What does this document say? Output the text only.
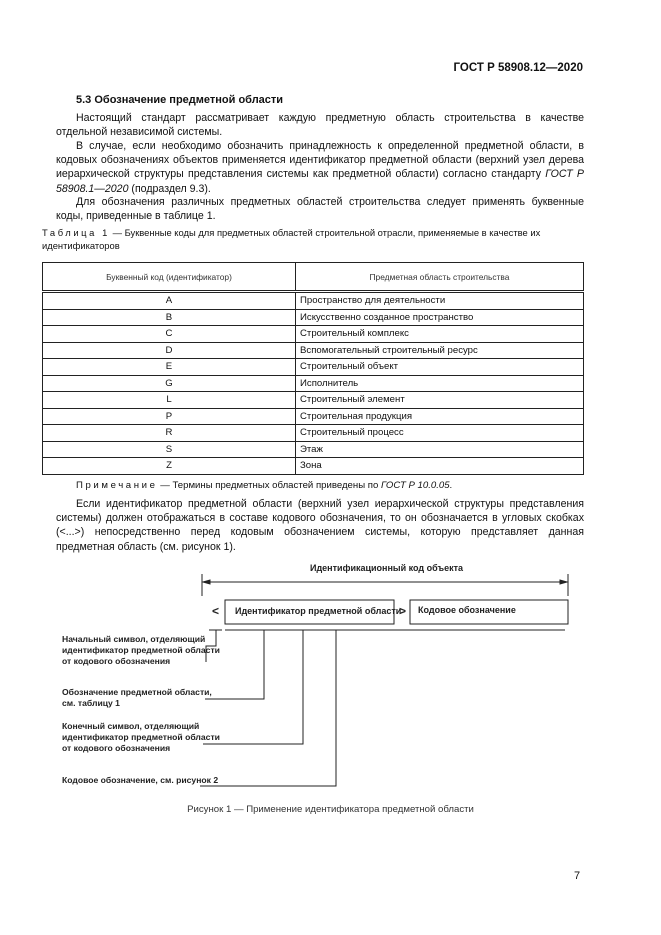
ГОСТ Р 58908.12—2020
5.3 Обозначение предметной области
Настоящий стандарт рассматривает каждую предметную область строительства в качестве отдельной независимой системы.
В случае, если необходимо обозначить принадлежность к определенной предметной области, в кодовых обозначениях объектов применяется идентификатор предметной области (верхний узел дерева иерархической структуры представления системы как предметной области) согласно стандарту ГОСТ Р 58908.1—2020 (подраздел 9.3).
Для обозначения различных предметных областей строительства следует применять буквенные коды, приведенные в таблице 1.
Таблица 1 — Буквенные коды для предметных областей строительной отрасли, применяемые в качестве их идентификаторов
Буквенный код (идентификатор)	Предметная область строительства
A	Пространство для деятельности
B	Искусственно созданное пространство
C	Строительный комплекс
D	Вспомогательный строительный ресурс
E	Строительный объект
G	Исполнитель
L	Строительный элемент
P	Строительная продукция
R	Строительный процесс
S	Этаж
Z	Зона
Примечание — Термины предметных областей приведены по ГОСТ Р 10.0.05.
Если идентификатор предметной области (верхний узел иерархической структуры представления системы) должен отображаться в составе кодового обозначения, то он обозначается в угловых скобках (<...>) непосредственно перед кодовым обозначением системы, которую представляет данная предметная область (см. рисунок 1).
Идентификационный код объекта
< Идентификатор предметной области
> Кодовое обозначение
Начальный символ, отделяющий идентификатор предметной области от кодового обозначения
Обозначение предметной области, см. таблицу 1
Конечный символ, отделяющий идентификатор предметной области от кодового обозначения
Кодовое обозначение, см. рисунок 2
Рисунок 1 — Применение идентификатора предметной области
7
